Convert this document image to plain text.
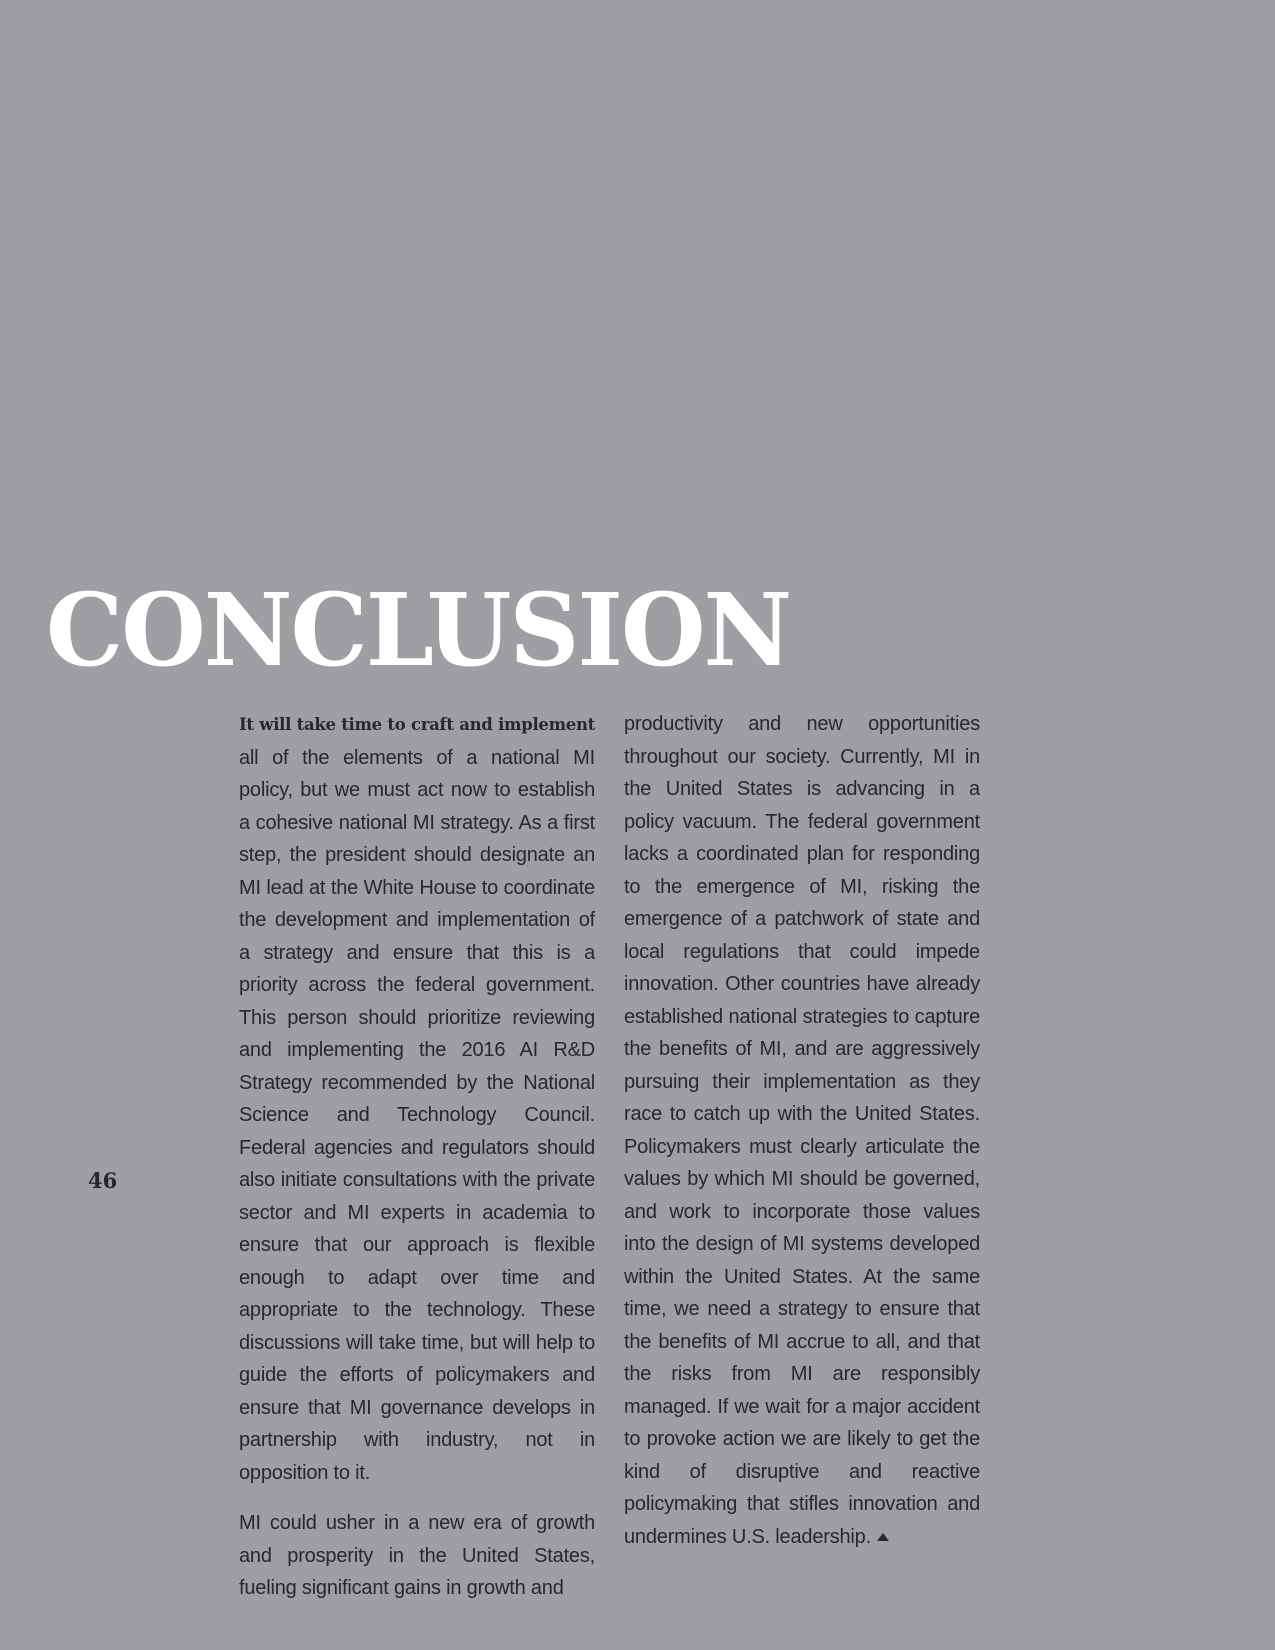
CONCLUSION
46

It will take time to craft and implement all of the elements of a national MI policy, but we must act now to establish a cohesive national MI strategy. As a first step, the president should designate an MI lead at the White House to coordinate the development and implementation of a strategy and ensure that this is a priority across the federal government. This person should prioritize reviewing and implementing the 2016 AI R&D Strategy recommended by the National Science and Technology Council. Federal agencies and regulators should also initiate consultations with the private sector and MI experts in academia to ensure that our approach is flexible enough to adapt over time and appropriate to the technology. These discussions will take time, but will help to guide the efforts of policymakers and ensure that MI governance develops in partnership with industry, not in opposition to it.

MI could usher in a new era of growth and prosperity in the United States, fueling significant gains in growth and

productivity and new opportunities throughout our society. Currently, MI in the United States is advancing in a policy vacuum. The federal government lacks a coordinated plan for responding to the emergence of MI, risking the emergence of a patchwork of state and local regulations that could impede innovation. Other countries have already established national strategies to capture the benefits of MI, and are aggressively pursuing their implementation as they race to catch up with the United States. Policymakers must clearly articulate the values by which MI should be governed, and work to incorporate those values into the design of MI systems developed within the United States. At the same time, we need a strategy to ensure that the benefits of MI accrue to all, and that the risks from MI are responsibly managed. If we wait for a major accident to provoke action we are likely to get the kind of disruptive and reactive policymaking that stifles innovation and undermines U.S. leadership.
